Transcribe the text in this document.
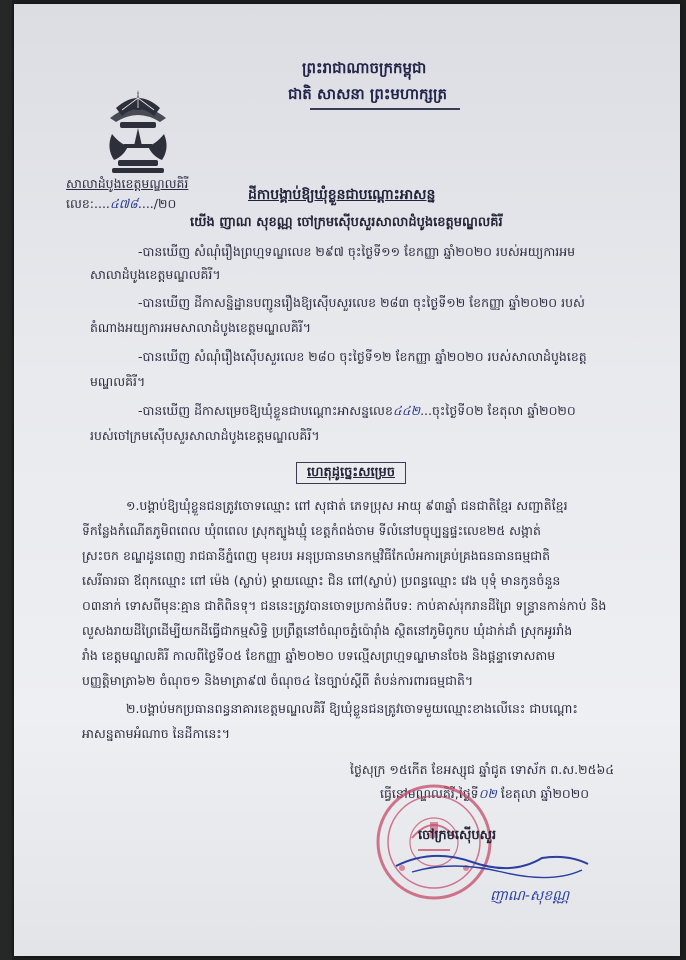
ព្រះរាជាណាចក្រកម្ពុជា
ជាតិ សាសនា ព្រះមហាក្សត្រ
សាលាដំបូងខេត្តមណ្ឌលគិរី
លេខ:....៤៧៨..../២០
ដីកាបង្គាប់ឱ្យឃុំខ្លួនជាបណ្ដោះអាសន្ន
យើង ញាណ សុខណ្ណ ចៅក្រមស៊ើបសួរសាលាដំបូងខេត្តមណ្ឌលគិរី
-បានឃើញ សំណុំរឿងព្រហ្មទណ្ឌលេខ ២៩៧ ចុះថ្ងៃទី១១ ខែកញ្ញា ឆ្នាំ២០២០ របស់អយ្យការអម
សាលាដំបូងខេត្តមណ្ឌលគិរី។
-បានឃើញ ដីកាសន្និដ្ឋានបញ្ជូនរឿងឱ្យស៊ើបសួរលេខ ២៨៣ ចុះថ្ងៃទី១២ ខែកញ្ញា ឆ្នាំ២០២០ របស់
តំណាងអយ្យការអមសាលាដំបូងខេត្តមណ្ឌលគិរី។
-បានឃើញ សំណុំរឿងស៊ើបសួរលេខ ២៨០ ចុះថ្ងៃទី១២ ខែកញ្ញា ឆ្នាំ២០២០ របស់សាលាដំបូងខេត្ត
មណ្ឌលគិរី។
-បានឃើញ ដីកាសម្រេចឱ្យឃុំខ្លួនជាបណ្ដោះអាសន្នលេខ៤៤២...ចុះថ្ងៃទី០២ ខែតុលា ឆ្នាំ២០២០
របស់ចៅក្រមស៊ើបសួរសាលាដំបូងខេត្តមណ្ឌលគិរី។
ហេតុដូច្នេះសម្រេច
១.បង្គាប់ឱ្យឃុំខ្លួនជនត្រូវចោទឈ្មោះ ពៅ សុផាត់ ភេទប្រុស អាយុ ៩៣ឆ្នាំ ជនជាតិខ្មែរ សញ្ជាតិខ្មែរ
ទីកន្លែងកំណើតភូមិពពេល ឃុំពពេល ស្រុកត្បូងឃ្មុំ ខេត្តកំពង់ចាម ទីលំនៅបច្ចុប្បន្នផ្ទះលេខ២៥ សង្កាត់
ស្រះចក ខណ្ឌដូនពេញ រាជធានីភ្នំពេញ មុខរបរ អនុប្រធានមានកម្មវិធីកែលំអការគ្រប់គ្រងធនធានធម្មជាតិ
សេរីធារធា ឪពុកឈ្មោះ ពៅ ម៉េង (ស្លាប់) ម្ដាយឈ្មោះ ជិន ពៅ(ស្លាប់) ប្រពន្ធឈ្មោះ វេង បុទុំ មានកូនចំនួន
០៣នាក់ ទោសពីមុនៈគ្មាន ជាតិពិនទុ។ ជននេះត្រូវបានចោទប្រកាន់ពីបទ: កាប់គាស់រុករានដីព្រៃ ទន្ទ្រានកាន់កាប់ និង
លួសងរាយដីព្រៃដើម្បីយកដីធ្វើជាកម្មសិទ្ធិ ប្រព្រឹត្តនៅចំណុចភ្នំប៉ោរ៉ាំង ស្ថិតនៅភូមិពូកប ឃុំដាក់ដាំ ស្រុកអូររាំង
រាំង ខេត្តមណ្ឌលគិរី កាលពីថ្ងៃទី០៥ ខែកញ្ញា ឆ្នាំ២០២០ បទល្មើសព្រហ្មទណ្ឌមានចែង និងផ្ដន្ទាទោសតាម
បញ្ញត្តិមាត្រា៦២ ចំណុច១ និងមាត្រា៩៧ ចំណុច៤ នៃច្បាប់ស្ដីពី តំបន់ការពារធម្មជាតិ។
២.បង្គាប់មកប្រធានពន្ធនាគារខេត្តមណ្ឌលគិរី ឱ្យឃុំខ្លួនជនត្រូវចោទមួយឈ្មោះខាងលើនេះ ជាបណ្ដោះ
អាសន្នតាមអំណាច នៃដីកានេះ។
ថ្ងៃសុក្រ ១៥កើត ខែអស្សុជ ឆ្នាំជូត ទោស័ក ព.ស.២៥៦៤
ធ្វើនៅមណ្ឌលគិរី,ថ្ងៃទី០២ ខែតុលា ឆ្នាំ២០២០
ចៅក្រមស៊ើបសួរ
ញាណ-សុខណ្ណ
